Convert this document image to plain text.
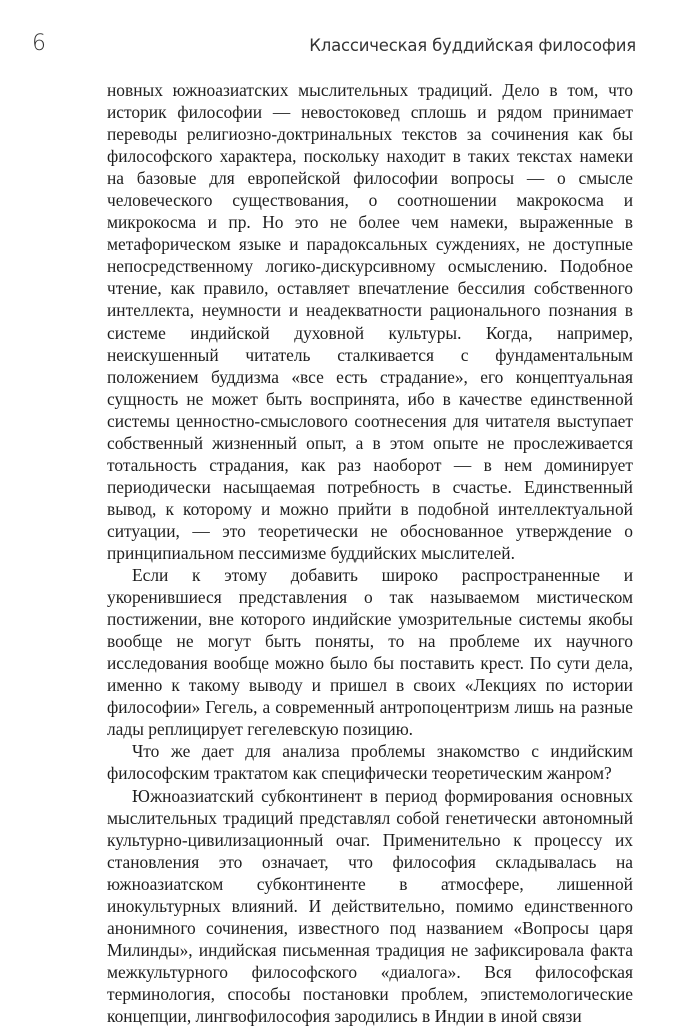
6	Классическая буддийская философия

новных южноазиатских мыслительных традиций. Дело в том, что историк философии — невостоковед сплошь и рядом принимает переводы религиозно-доктринальных текстов за сочинения как бы философского характера, поскольку находит в таких текстах намеки на базовые для европейской философии вопросы — о смысле человеческого существования, о соотношении макрокосма и микрокосма и пр. Но это не более чем намеки, выраженные в метафорическом языке и парадоксальных суждениях, не доступные непосредственному логико-дискурсивному осмыслению. Подобное чтение, как правило, оставляет впечатление бессилия собственного интеллекта, неумности и неадекватности рационального познания в системе индийской духовной культуры. Когда, например, неискушенный читатель сталкивается с фундаментальным положением буддизма «все есть страдание», его концептуальная сущность не может быть воспринята, ибо в качестве единственной системы ценностно-смыслового соотнесения для читателя выступает собственный жизненный опыт, а в этом опыте не прослеживается тотальность страдания, как раз наоборот — в нем доминирует периодически насыщаемая потребность в счастье. Единственный вывод, к которому и можно прийти в подобной интеллектуальной ситуации, — это теоретически не обоснованное утверждение о принципиальном пессимизме буддийских мыслителей.

Если к этому добавить широко распространенные и укоренившиеся представления о так называемом мистическом постижении, вне которого индийские умозрительные системы якобы вообще не могут быть поняты, то на проблеме их научного исследования вообще можно было бы поставить крест. По сути дела, именно к такому выводу и пришел в своих «Лекциях по истории философии» Гегель, а современный антропоцентризм лишь на разные лады реплицирует гегелевскую позицию.

Что же дает для анализа проблемы знакомство с индийским философским трактатом как специфически теоретическим жанром?

Южноазиатский субконтинент в период формирования основных мыслительных традиций представлял собой генетически автономный культурно-цивилизационный очаг. Применительно к процессу их становления это означает, что философия складывалась на южноазиатском субконтиненте в атмосфере, лишенной инокультурных влияний. И действительно, помимо единственного анонимного сочинения, известного под названием «Вопросы царя Милинды», индийская письменная традиция не зафиксировала факта межкультурного философского «диалога». Вся философская терминология, способы постановки проблем, эпистемологические концепции, лингвофилософия зародились в Индии в иной связи
